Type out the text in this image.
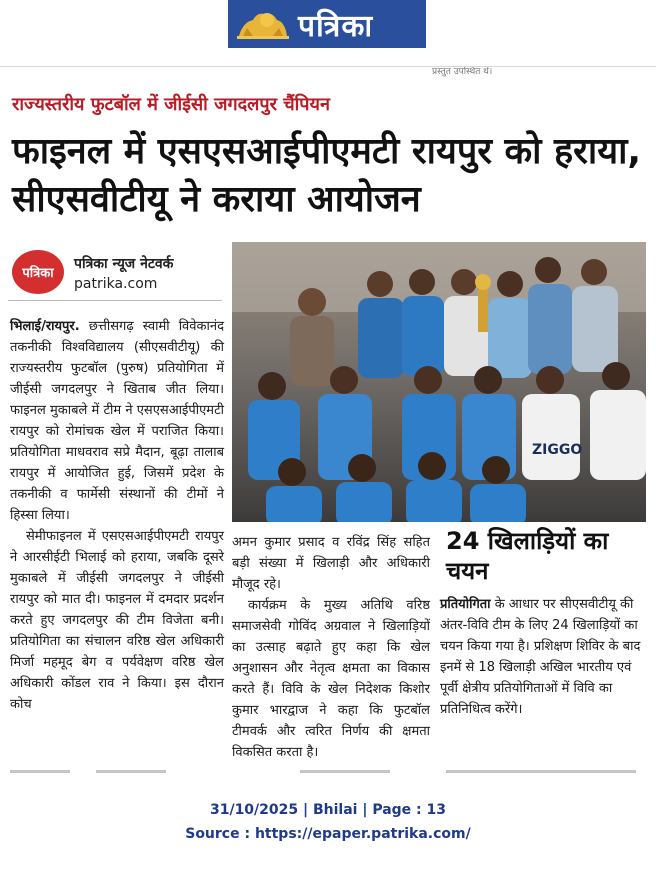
पत्रिका
प्रस्तुत उपस्थित थे।
राज्यस्तरीय फुटबॉल में जीईसी जगदलपुर चैंपियन
फाइनल में एसएसआईपीएमटी रायपुर को हराया, सीएसवीटीयू ने कराया आयोजन
पत्रिका
पत्रिका न्यूज नेटवर्क
patrika.com

भिलाई/रायपुर. छत्तीसगढ़ स्वामी विवेकानंद तकनीकी विश्वविद्यालय (सीएसवीटीयू) की राज्यस्तरीय फुटबॉल (पुरुष) प्रतियोगिता में जीईसी जगदलपुर ने खिताब जीत लिया। फाइनल मुकाबले में टीम ने एसएसआईपीएमटी रायपुर को रोमांचक खेल में पराजित किया। प्रतियोगिता माधवराव सप्रे मैदान, बूढ़ा तालाब रायपुर में आयोजित हुई, जिसमें प्रदेश के तकनीकी व फार्मेसी संस्थानों की टीमों ने हिस्सा लिया।

सेमीफाइनल में एसएसआईपीएमटी रायपुर ने आरसीईटी भिलाई को हराया, जबकि दूसरे मुकाबले में जीईसी जगदलपुर ने जीईसी रायपुर को मात दी। फाइनल में दमदार प्रदर्शन करते हुए जगदलपुर की टीम विजेता बनी। प्रतियोगिता का संचालन वरिष्ठ खेल अधिकारी मिर्जा महमूद बेग व पर्यवेक्षण वरिष्ठ खेल अधिकारी कोंडल राव ने किया। इस दौरान कोच

ZIGGO

अमन कुमार प्रसाद व रविंद्र सिंह सहित बड़ी संख्या में खिलाड़ी और अधिकारी मौजूद रहे।

कार्यक्रम के मुख्य अतिथि वरिष्ठ समाजसेवी गोविंद अग्रवाल ने खिलाड़ियों का उत्साह बढ़ाते हुए कहा कि खेल अनुशासन और नेतृत्व क्षमता का विकास करते हैं। विवि के खेल निदेशक किशोर कुमार भारद्वाज ने कहा कि फुटबॉल टीमवर्क और त्वरित निर्णय की क्षमता विकसित करता है।

24 खिलाड़ियों का चयन

प्रतियोगिता के आधार पर सीएसवीटीयू की अंतर-विवि टीम के लिए 24 खिलाड़ियों का चयन किया गया है। प्रशिक्षण शिविर के बाद इनमें से 18 खिलाड़ी अखिल भारतीय एवं पूर्वी क्षेत्रीय प्रतियोगिताओं में विवि का प्रतिनिधित्व करेंगे।

31/10/2025 | Bhilai | Page : 13
Source : https://epaper.patrika.com/
